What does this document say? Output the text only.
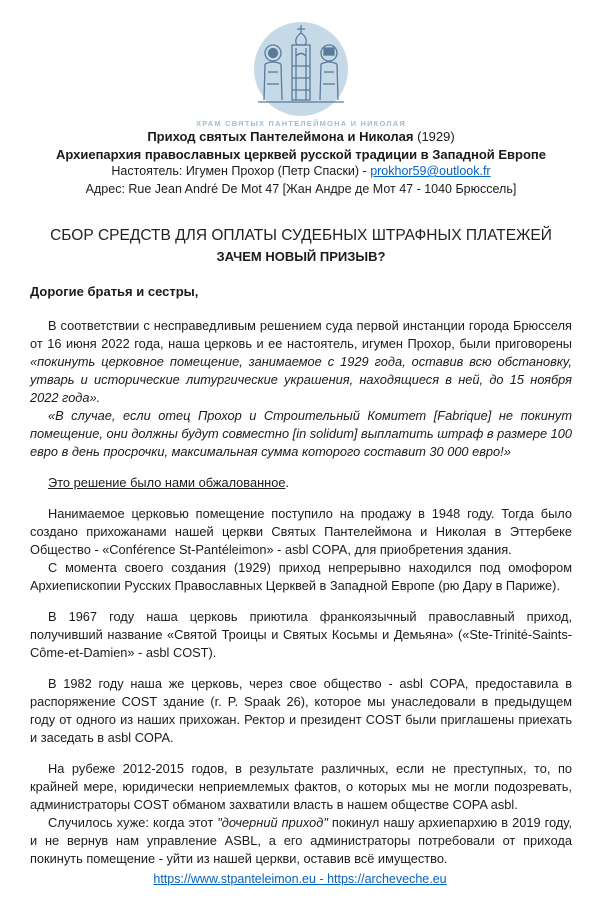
ХРАМ СВЯТЫХ ПАНТЕЛЕЙМОНА И НИКОЛАЯ
Приход святых Пантелеймона и Николая (1929)
Архиепархия православных церквей русской традиции в Западной Европе
Настоятель: Игумен Прохор (Петр Спаски) - prokhor59@outlook.fr
Адрес: Rue Jean André De Mot 47 [Жан Андре де Мот 47 - 1040 Брюссель]
СБОР СРЕДСТВ ДЛЯ ОПЛАТЫ СУДЕБНЫХ ШТРАФНЫХ ПЛАТЕЖЕЙ
ЗАЧЕМ НОВЫЙ ПРИЗЫВ?
Дорогие братья и сестры,

В соответствии с несправедливым решением суда первой инстанции города Брюсселя от 16 июня 2022 года, наша церковь и ее настоятель, игумен Прохор, были приговорены «покинуть церковное помещение, занимаемое с 1929 года, оставив всю обстановку, утварь и исторические литургические украшения, находящиеся в ней, до 15 ноября 2022 года».

«В случае, если отец Прохор и Строительный Комитет [Fabrique] не покинут помещение, они должны будут совместно [in solidum] выплатить штраф в размере 100 евро в день просрочки, максимальная сумма которого составит 30 000 евро!»

Это решение было нами обжалованное.

Нанимаемое церковью помещение поступило на продажу в 1948 году. Тогда было создано прихожанами нашей церкви Святых Пантелеймона и Николая в Эттербеке Общество - «Conférence St-Pantéleimon» - asbl COPA, для приобретения здания.

С момента своего создания (1929) приход непрерывно находился под омофором Архиепископии Русских Православных Церквей в Западной Европе (рю Дару в Париже).

В 1967 году наша церковь приютила франкоязычный православный приход, получивший название «Святой Троицы и Святых Косьмы и Демьяна» («Ste-Trinité-Saints-Côme-et-Damien» - asbl COST).

В 1982 году наша же церковь, через свое общество - asbl COPA, предоставила в распоряжение COST здание (r. P. Spaak 26), которое мы унаследовали в предыдущем году от одного из наших прихожан. Ректор и президент COST были приглашены приехать и заседать в asbl COPA.

На рубеже 2012-2015 годов, в результате различных, если не преступных, то, по крайней мере, юридически неприемлемых фактов, о которых мы не могли подозревать, администраторы COST обманом захватили власть в нашем обществе COPA asbl.

Случилось хуже: когда этот "дочерний приход" покинул нашу архиепархию в 2019 году, и не вернув нам управление ASBL, а его администраторы потребовали от прихода покинуть помещение - уйти из нашей церкви, оставив всё имущество.

https://www.stpanteleimon.eu - https://archeveche.eu
